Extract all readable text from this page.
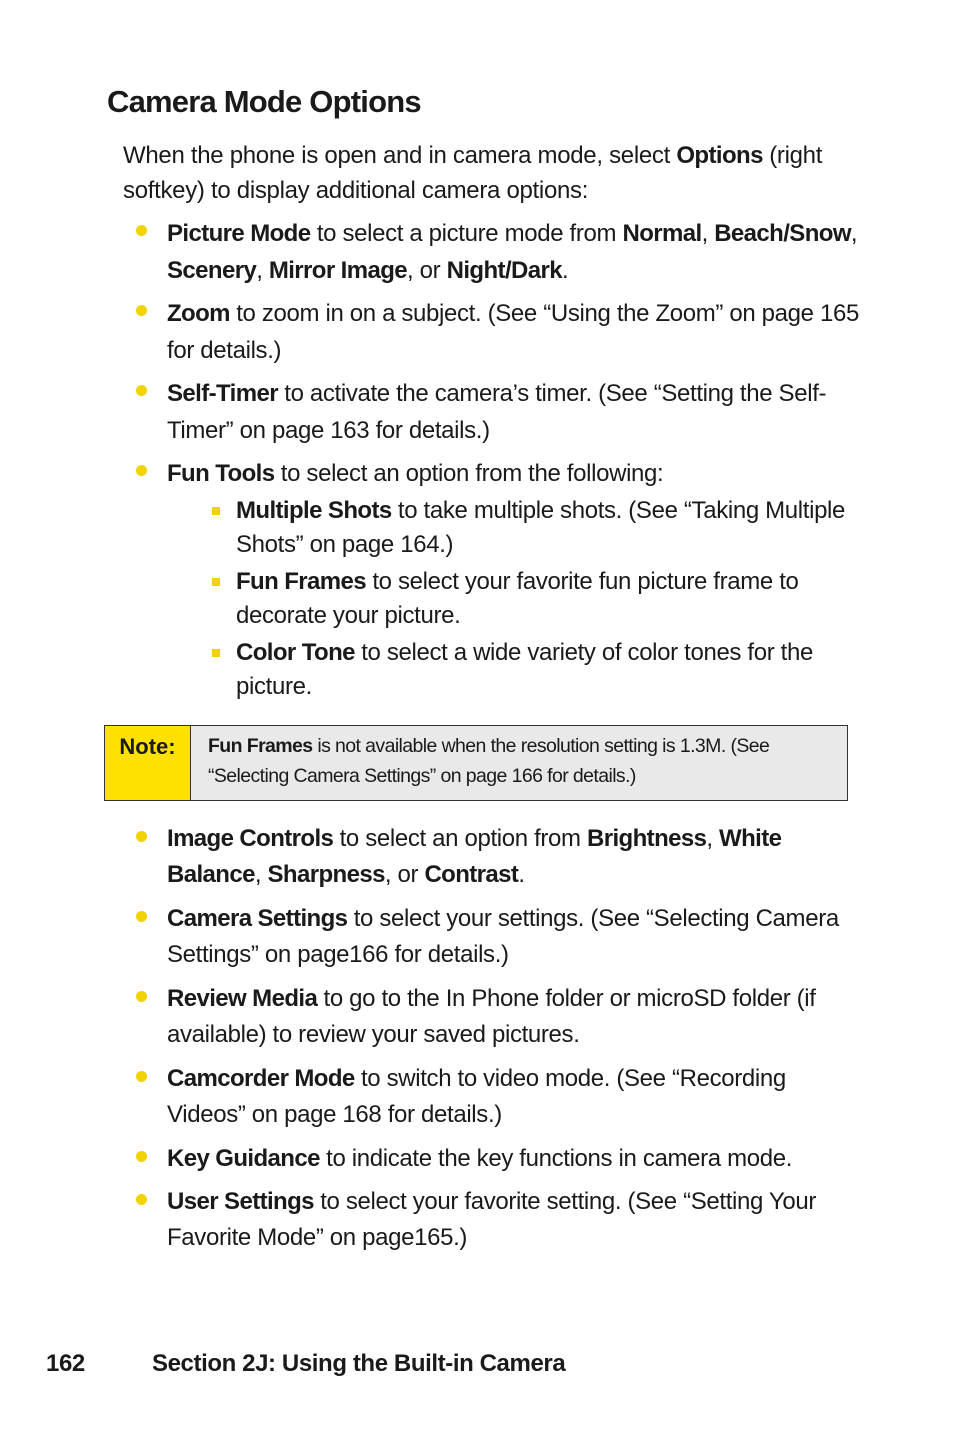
Camera Mode Options
When the phone is open and in camera mode, select Options (right softkey) to display additional camera options:
Picture Mode to select a picture mode from Normal, Beach/Snow, Scenery, Mirror Image, or Night/Dark.
Zoom to zoom in on a subject. (See “Using the Zoom” on page 165 for details.)
Self-Timer to activate the camera’s timer. (See “Setting the Self-Timer” on page 163 for details.)
Fun Tools to select an option from the following:
Multiple Shots to take multiple shots. (See “Taking Multiple Shots” on page 164.)
Fun Frames to select your favorite fun picture frame to decorate your picture.
Color Tone to select a wide variety of color tones for the picture.
Note:	Fun Frames is not available when the resolution setting is 1.3M. (See “Selecting Camera Settings” on page 166 for details.)
Image Controls to select an option from Brightness, White Balance, Sharpness, or Contrast.
Camera Settings to select your settings. (See “Selecting Camera Settings” on page166 for details.)
Review Media to go to the In Phone folder or microSD folder (if available) to review your saved pictures.
Camcorder Mode to switch to video mode. (See “Recording Videos” on page 168 for details.)
Key Guidance to indicate the key functions in camera mode.
User Settings to select your favorite setting. (See “Setting Your Favorite Mode” on page165.)
162	Section 2J: Using the Built-in Camera
